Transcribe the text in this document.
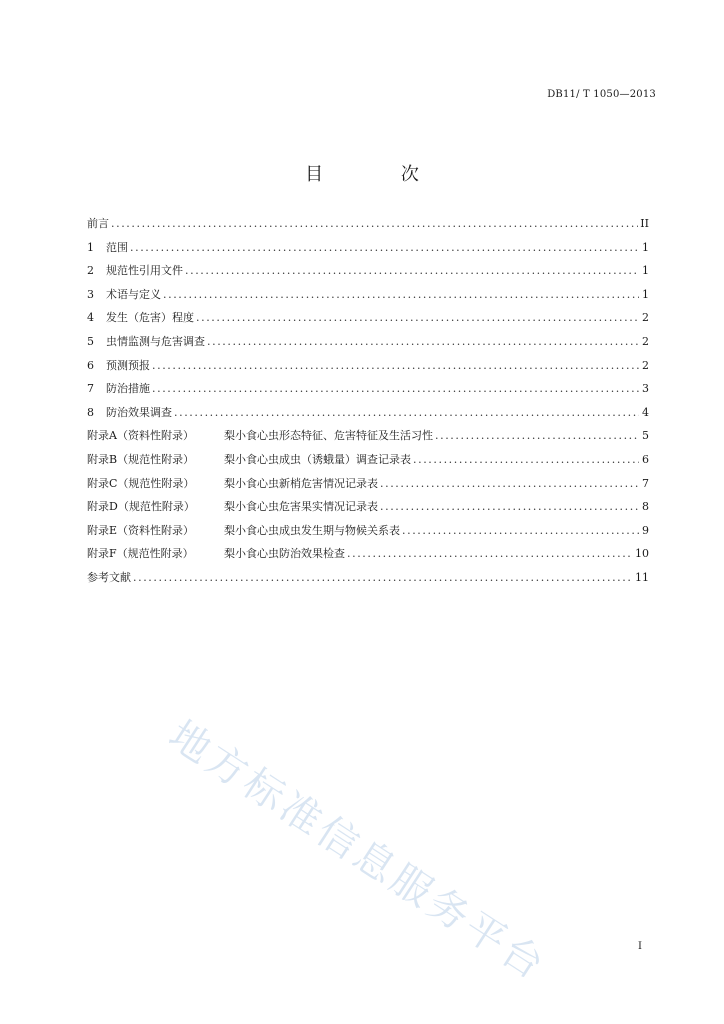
DB11/ T 1050—2013
目 次
前言 .....	II
1	范围 .....	1
2	规范性引用文件 .....	1
3	术语与定义 .....	1
4	发生（危害）程度 .....	2
5	虫情监测与危害调查 .....	2
6	预测预报 .....	2
7	防治措施 .....	3
8	防治效果调查 .....	4
附录A（资料性附录）	梨小食心虫形态特征、危害特征及生活习性 .....	5
附录B（规范性附录）	梨小食心虫成虫（诱蛾量）调查记录表 .....	6
附录C（规范性附录）	梨小食心虫新梢危害情况记录表 .....	7
附录D（规范性附录）	梨小食心虫危害果实情况记录表 .....	8
附录E（资料性附录）	梨小食心虫成虫发生期与物候关系表 .....	9
附录F（规范性附录）	梨小食心虫防治效果检查 .....	10
参考文献 .....	11
地方标准信息服务平台	I
